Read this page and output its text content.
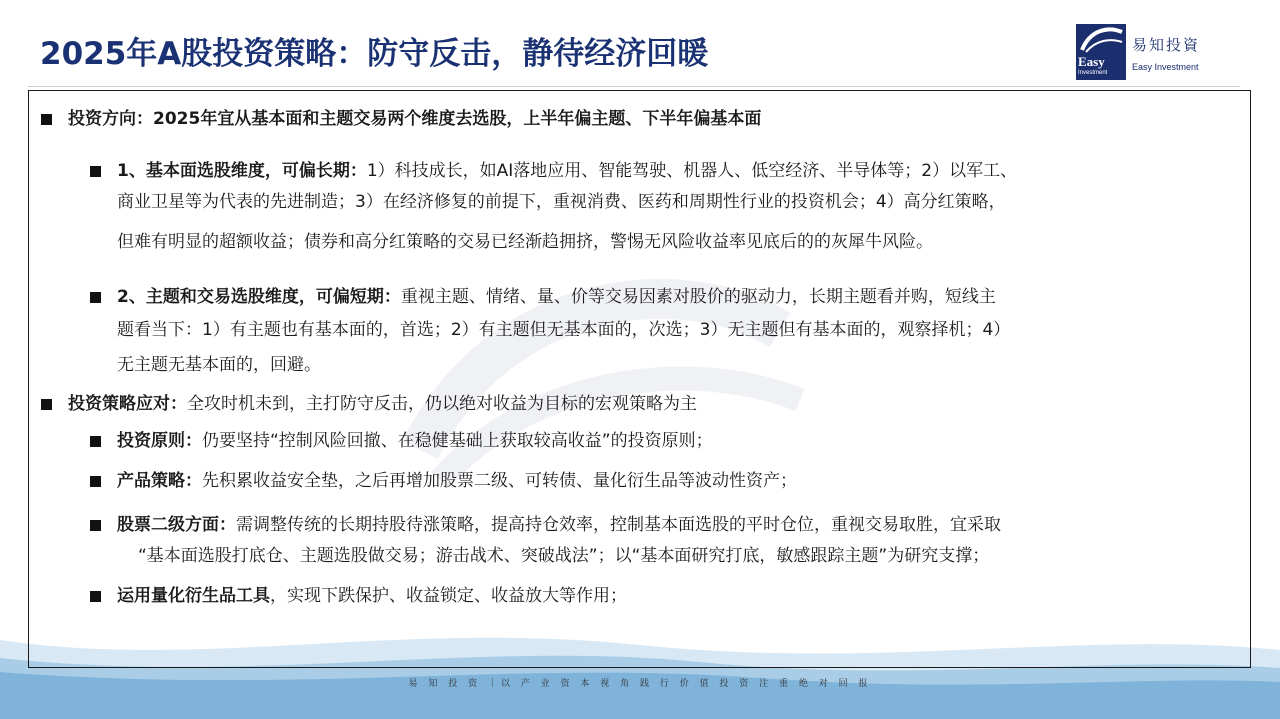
2025年A股投资策略：防守反击，静待经济回暖	Easy
Investment
易知投資
Easy Investment
投资方向：2025年宜从基本面和主题交易两个维度去选股，上半年偏主题、下半年偏基本面
1、基本面选股维度，可偏长期：1）科技成长，如AI落地应用、智能驾驶、机器人、低空经济、半导体等；2）以军工、
商业卫星等为代表的先进制造；3）在经济修复的前提下，重视消费、医药和周期性行业的投资机会；4）高分红策略，
但难有明显的超额收益；债券和高分红策略的交易已经渐趋拥挤，警惕无风险收益率见底后的的灰犀牛风险。
2、主题和交易选股维度，可偏短期：重视主题、情绪、量、价等交易因素对股价的驱动力，长期主题看并购，短线主
题看当下：1）有主题也有基本面的，首选；2）有主题但无基本面的，次选；3）无主题但有基本面的，观察择机；4）
无主题无基本面的，回避。
投资策略应对：全攻时机未到，主打防守反击，仍以绝对收益为目标的宏观策略为主
投资原则：仍要坚持“控制风险回撤、在稳健基础上获取较高收益”的投资原则；
产品策略：先积累收益安全垫，之后再增加股票二级、可转债、量化衍生品等波动性资产；
股票二级方面：需调整传统的长期持股待涨策略，提高持仓效率，控制基本面选股的平时仓位，重视交易取胜，宜采取
“基本面选股打底仓、主题选股做交易；游击战术、突破战法”；以“基本面研究打底，敏感跟踪主题”为研究支撑；
运用量化衍生品工具，实现下跌保护、收益锁定、收益放大等作用；
易 知 投 资 ｜以 产 业 资 本 视 角 践 行 价 值 投 资 注 重 绝 对 回 报
